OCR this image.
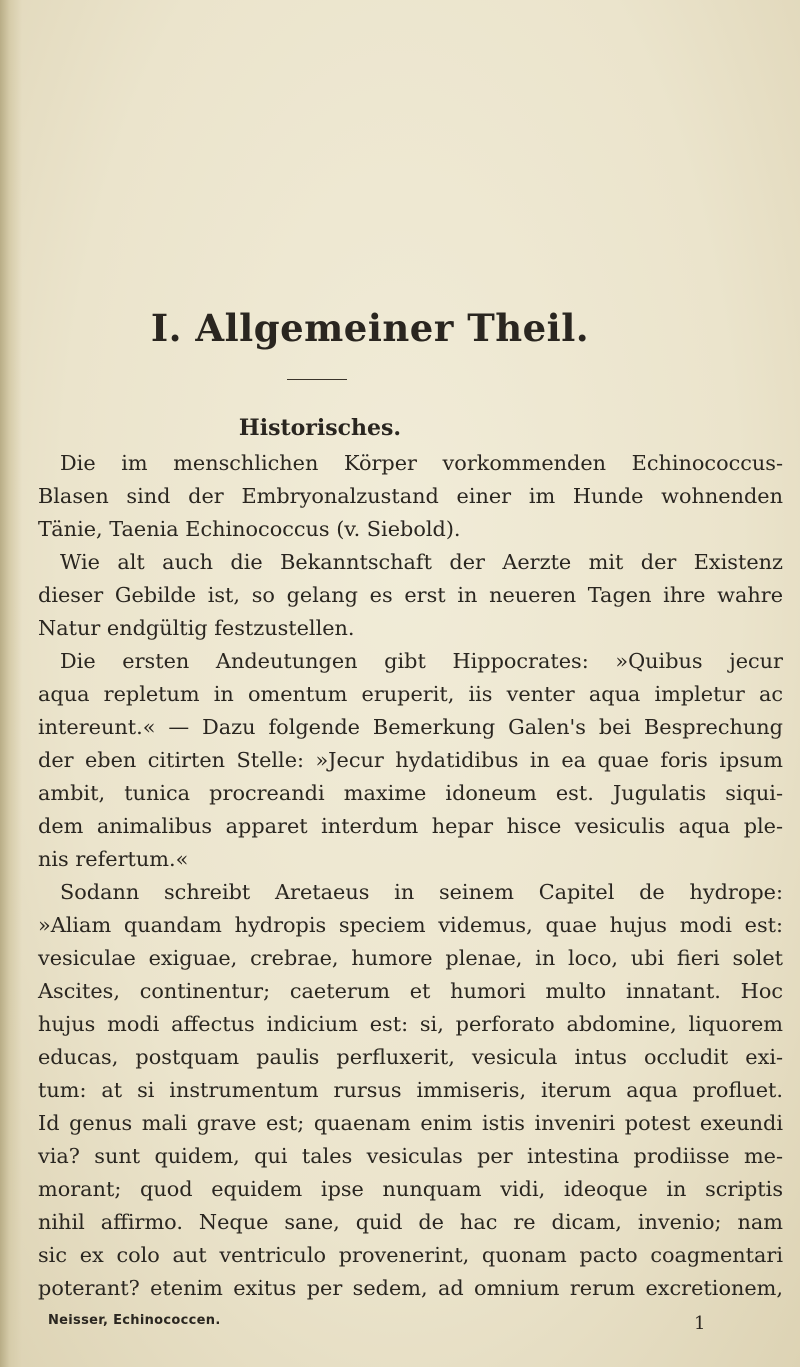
I. Allgemeiner Theil.
Historisches.
Die im menschlichen Körper vorkommenden Echinococcus-
Blasen sind der Embryonalzustand einer im Hunde wohnenden
Tänie, Taenia Echinococcus (v. Siebold).
Wie alt auch die Bekanntschaft der Aerzte mit der Existenz
dieser Gebilde ist, so gelang es erst in neueren Tagen ihre wahre
Natur endgültig festzustellen.
Die ersten Andeutungen gibt Hippocrates: »Quibus jecur
aqua repletum in omentum eruperit, iis venter aqua impletur ac
intereunt.« — Dazu folgende Bemerkung Galen's bei Besprechung
der eben citirten Stelle: »Jecur hydatidibus in ea quae foris ipsum
ambit, tunica procreandi maxime idoneum est. Jugulatis siqui-
dem animalibus apparet interdum hepar hisce vesiculis aqua ple-
nis refertum.«
Sodann schreibt Aretaeus in seinem Capitel de hydrope:
»Aliam quandam hydropis speciem videmus, quae hujus modi est:
vesiculae exiguae, crebrae, humore plenae, in loco, ubi fieri solet
Ascites, continentur; caeterum et humori multo innatant. Hoc
hujus modi affectus indicium est: si, perforato abdomine, liquorem
educas, postquam paulis perfluxerit, vesicula intus occludit exi-
tum: at si instrumentum rursus immiseris, iterum aqua profluet.
Id genus mali grave est; quaenam enim istis inveniri potest exeundi
via? sunt quidem, qui tales vesiculas per intestina prodiisse me-
morant; quod equidem ipse nunquam vidi, ideoque in scriptis
nihil affirmo. Neque sane, quid de hac re dicam, invenio; nam
sic ex colo aut ventriculo provenerint, quonam pacto coagmentari
poterant? etenim exitus per sedem, ad omnium rerum excretionem,
Neisser, Echinococcen.	1
